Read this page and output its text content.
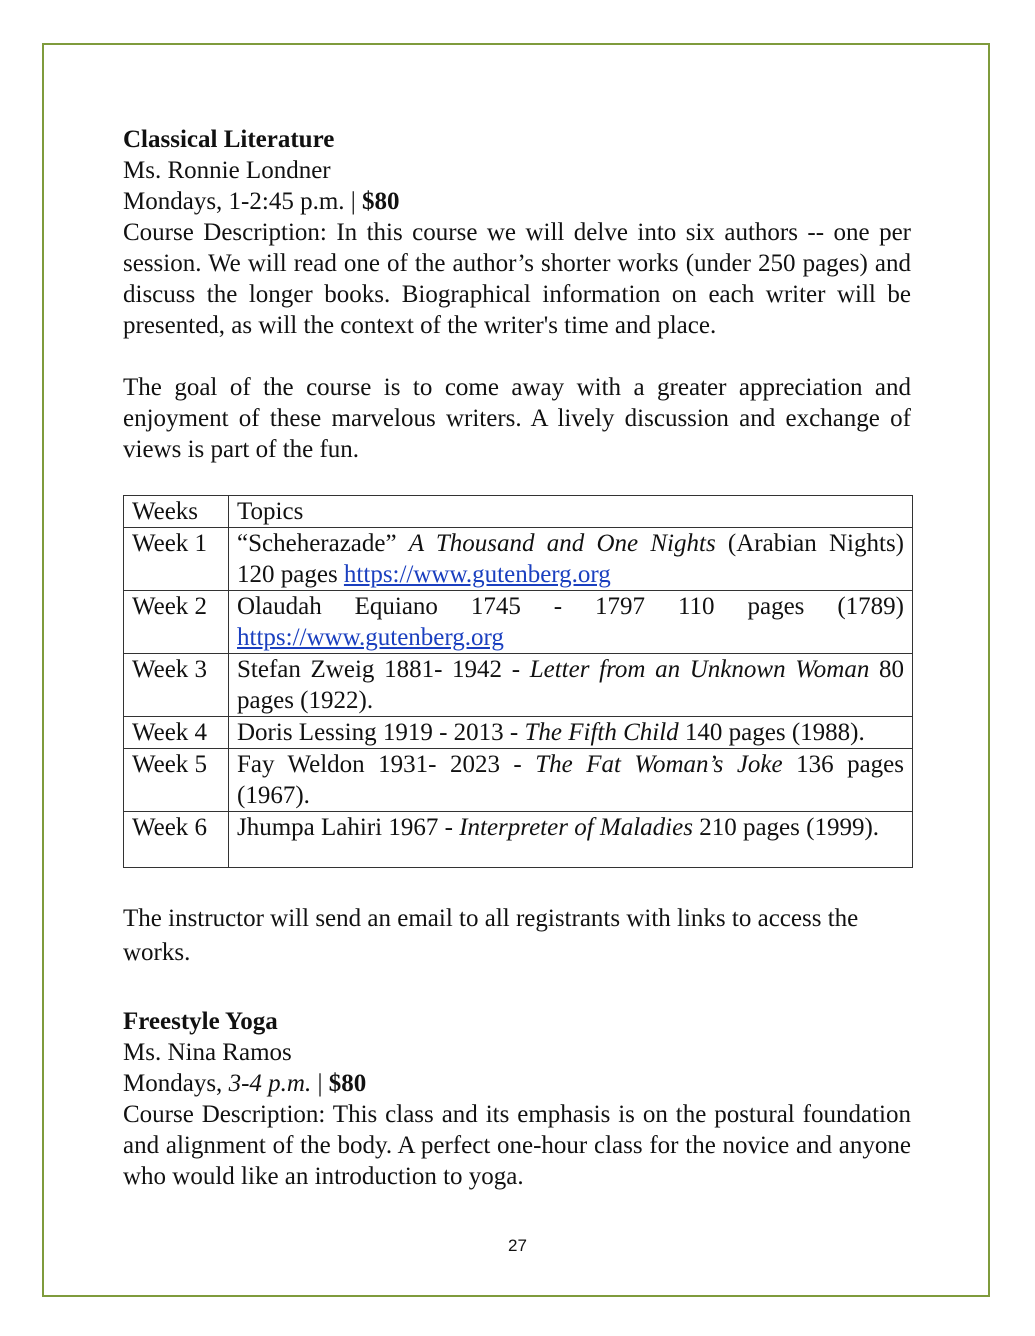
Classical Literature
Ms. Ronnie Londner
Mondays, 1-2:45 p.m. | $80
Course Description: In this course we will delve into six authors -- one per session. We will read one of the author’s shorter works (under 250 pages) and discuss the longer books. Biographical information on each writer will be presented, as will the context of the writer's time and place.
The goal of the course is to come away with a greater appreciation and enjoyment of these marvelous writers. A lively discussion and exchange of views is part of the fun.
Weeks	Topics
Week 1	“Scheherazade” A Thousand and One Nights (Arabian Nights) 120 pages https://www.gutenberg.org
Week 2	Olaudah Equiano 1745 - 1797 110 pages (1789) https://www.gutenberg.org
Week 3	Stefan Zweig 1881- 1942 - Letter from an Unknown Woman 80 pages (1922).
Week 4	Doris Lessing 1919 - 2013 - The Fifth Child 140 pages (1988).
Week 5	Fay Weldon 1931- 2023 - The Fat Woman’s Joke 136 pages (1967).
Week 6	Jhumpa Lahiri 1967 - Interpreter of Maladies 210 pages (1999).
The instructor will send an email to all registrants with links to access the works.
Freestyle Yoga
Ms. Nina Ramos
Mondays, 3-4 p.m. | $80
Course Description: This class and its emphasis is on the postural foundation and alignment of the body. A perfect one-hour class for the novice and anyone who would like an introduction to yoga.
27
